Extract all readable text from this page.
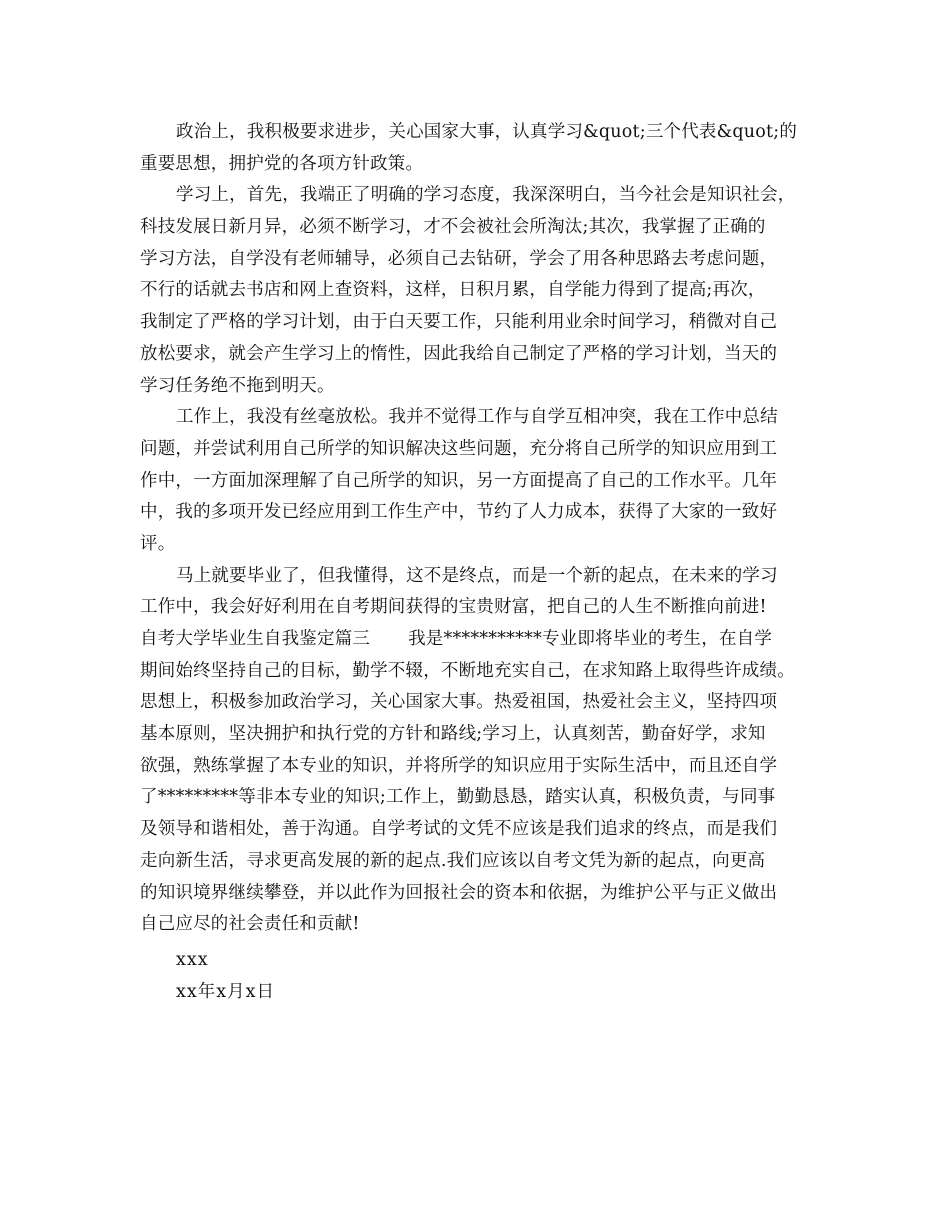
政治上，我积极要求进步，关心国家大事，认真学习&quot;三个代表&quot;的
重要思想，拥护党的各项方针政策。
学习上，首先，我端正了明确的学习态度，我深深明白，当今社会是知识社会，
科技发展日新月异，必须不断学习，才不会被社会所淘汰;其次，我掌握了正确的
学习方法，自学没有老师辅导，必须自己去钻研，学会了用各种思路去考虑问题，
不行的话就去书店和网上查资料，这样，日积月累，自学能力得到了提高;再次，
我制定了严格的学习计划，由于白天要工作，只能利用业余时间学习，稍微对自己
放松要求，就会产生学习上的惰性，因此我给自己制定了严格的学习计划，当天的
学习任务绝不拖到明天。
工作上，我没有丝毫放松。我并不觉得工作与自学互相冲突，我在工作中总结
问题，并尝试利用自己所学的知识解决这些问题，充分将自己所学的知识应用到工
作中，一方面加深理解了自己所学的知识，另一方面提高了自己的工作水平。几年
中，我的多项开发已经应用到工作生产中，节约了人力成本，获得了大家的一致好
评。
马上就要毕业了，但我懂得，这不是终点，而是一个新的起点，在未来的学习
工作中，我会好好利用在自考期间获得的宝贵财富，把自己的人生不断推向前进!
自考大学毕业生自我鉴定篇三 我是***********专业即将毕业的考生，在自学
期间始终坚持自己的目标，勤学不辍，不断地充实自己，在求知路上取得些许成绩。
思想上，积极参加政治学习，关心国家大事。热爱祖国，热爱社会主义，坚持四项
基本原则，坚决拥护和执行党的方针和路线;学习上，认真刻苦，勤奋好学，求知
欲强，熟练掌握了本专业的知识，并将所学的知识应用于实际生活中，而且还自学
了*********等非本专业的知识;工作上，勤勤恳恳，踏实认真，积极负责，与同事
及领导和谐相处，善于沟通。自学考试的文凭不应该是我们追求的终点，而是我们
走向新生活，寻求更高发展的新的起点.我们应该以自考文凭为新的起点，向更高
的知识境界继续攀登，并以此作为回报社会的资本和依据，为维护公平与正义做出
自己应尽的社会责任和贡献!
xxx
xx年x月x日
